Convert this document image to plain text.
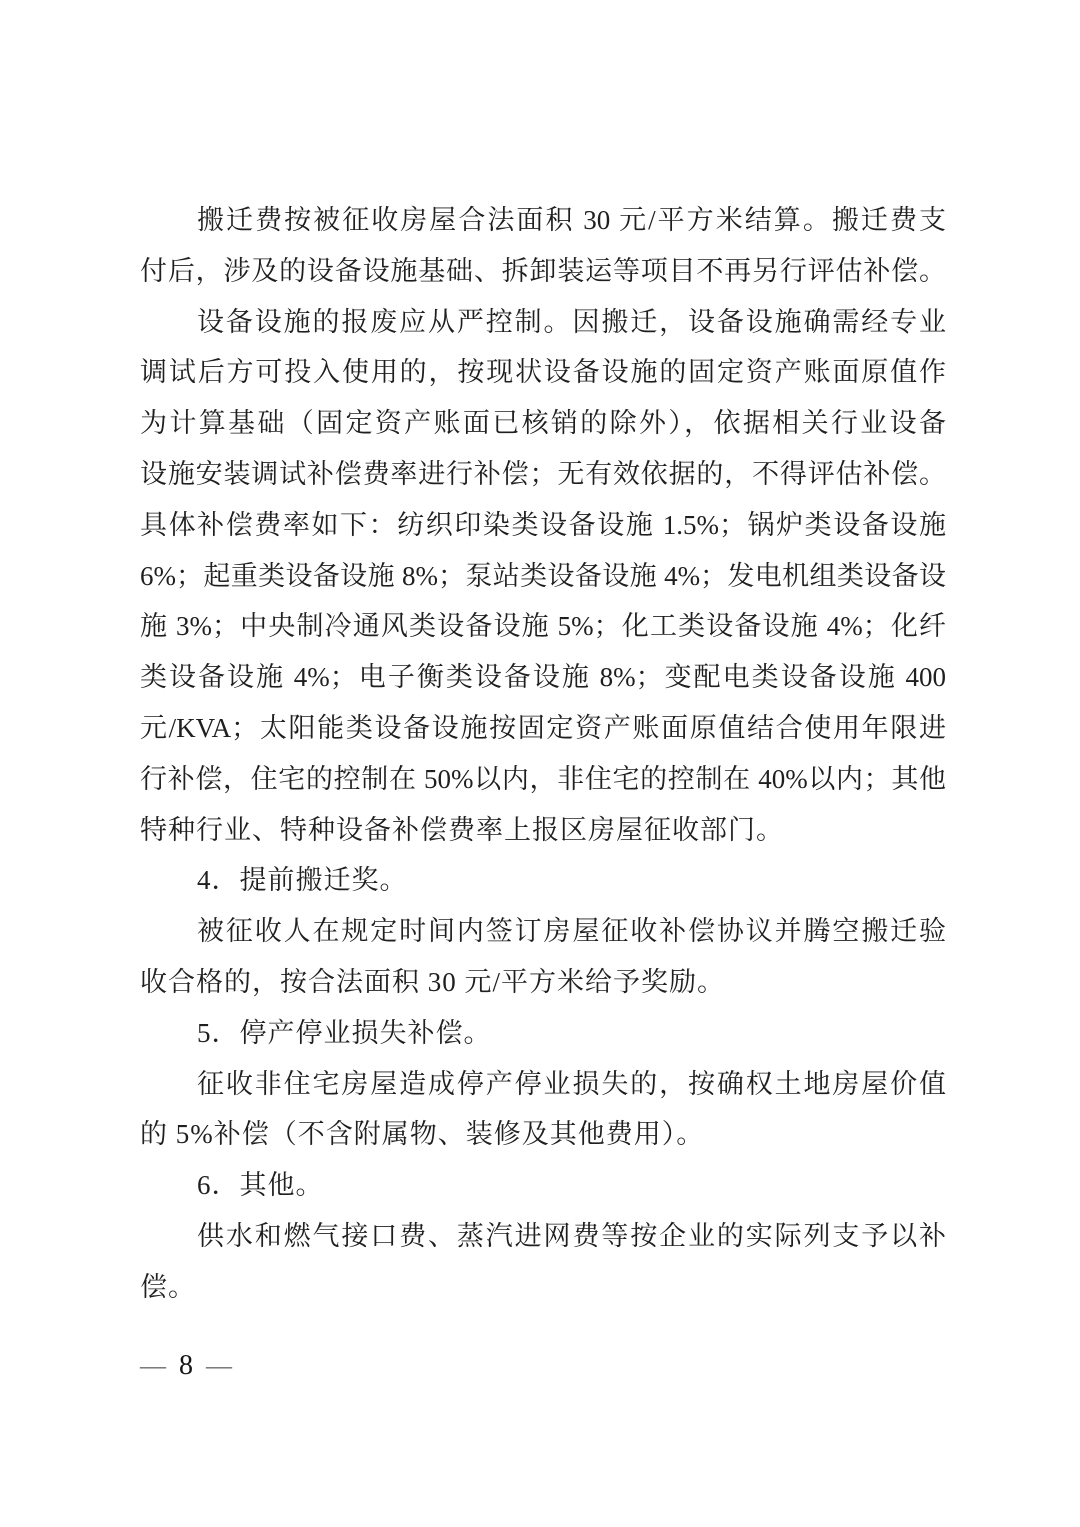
搬迁费按被征收房屋合法面积 30 元/平方米结算。搬迁费支
付后，涉及的设备设施基础、拆卸装运等项目不再另行评估补偿。
设备设施的报废应从严控制。因搬迁，设备设施确需经专业
调试后方可投入使用的，按现状设备设施的固定资产账面原值作
为计算基础（固定资产账面已核销的除外），依据相关行业设备
设施安装调试补偿费率进行补偿；无有效依据的，不得评估补偿。
具体补偿费率如下：纺织印染类设备设施 1.5%；锅炉类设备设施
6%；起重类设备设施 8%；泵站类设备设施 4%；发电机组类设备设
施 3%；中央制冷通风类设备设施 5%；化工类设备设施 4%；化纤
类设备设施 4%；电子衡类设备设施 8%；变配电类设备设施 400
元/KVA；太阳能类设备设施按固定资产账面原值结合使用年限进
行补偿，住宅的控制在 50%以内，非住宅的控制在 40%以内；其他
特种行业、特种设备补偿费率上报区房屋征收部门。
4．提前搬迁奖。
被征收人在规定时间内签订房屋征收补偿协议并腾空搬迁验
收合格的，按合法面积 30 元/平方米给予奖励。
5．停产停业损失补偿。
征收非住宅房屋造成停产停业损失的，按确权土地房屋价值
的 5%补偿（不含附属物、装修及其他费用）。
6．其他。
供水和燃气接口费、蒸汽进网费等按企业的实际列支予以补
偿。
— 8 —
